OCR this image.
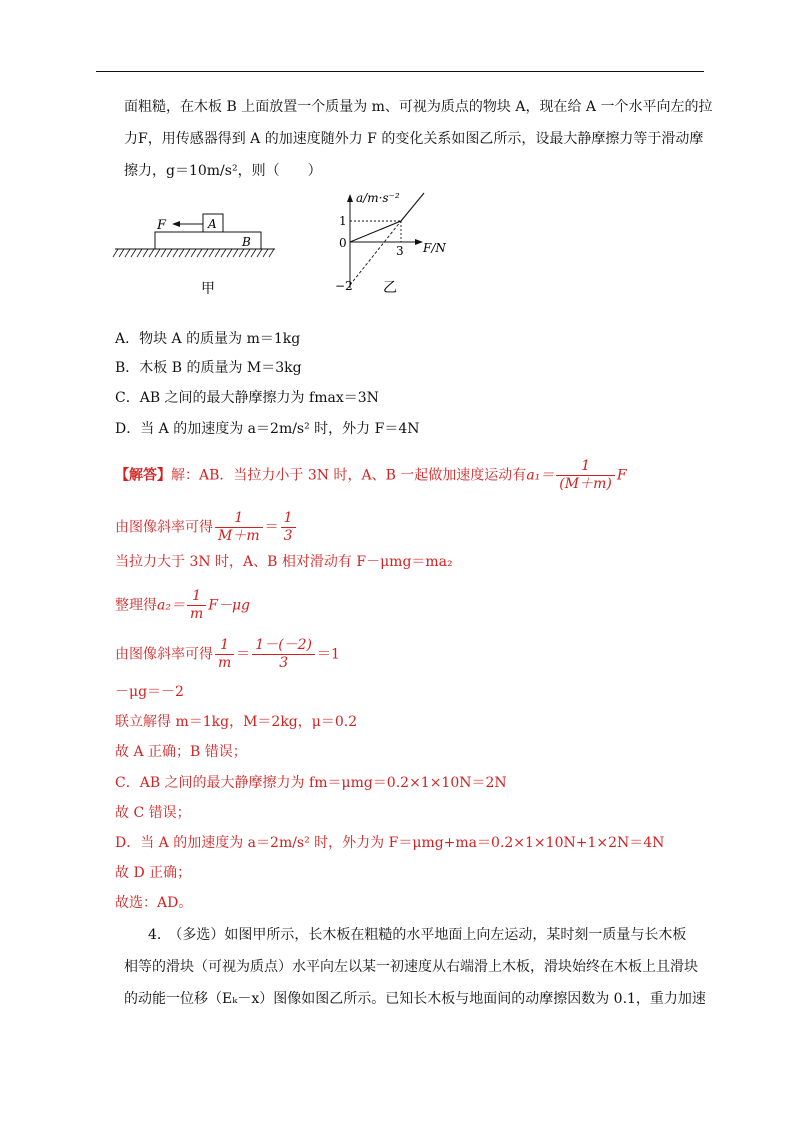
面粗糙，在木板 B 上面放置一个质量为 m、可视为质点的物块 A，现在给 A 一个水平向左的拉
力F，用传感器得到 A 的加速度随外力 F 的变化关系如图乙所示，设最大静摩擦力等于滑动摩
擦力，g＝10m/s²，则（　　）
A
B
F
甲
a/m·s⁻²
F/N
1
0
3
−2 乙
A．物块 A 的质量为 m＝1kg
B．木板 B 的质量为 M＝3kg
C．AB 之间的最大静摩擦力为 fmax＝3N
D．当 A 的加速度为 a＝2m/s² 时，外力 F＝4N
【解答】解：AB．当拉力小于 3N 时，A、B 一起做加速度运动有$a_1= \frac{1}{(M+m)}$ F
由图像斜率可得 $\frac{1}{M+m} = \frac{1}{3}$
当拉力大于 3N 时，A、B 相对滑动有 F－μmg＝ma₂
整理得$a_2= \frac{1}{m} F-\mu g$
由图像斜率可得 $\frac{1}{m} = \frac{1-(-2)}{3} =1$
－μg＝－2
联立解得 m＝1kg，M＝2kg，μ＝0.2
故 A 正确；B 错误；
C．AB 之间的最大静摩擦力为 fm＝μmg＝0.2×1×10N＝2N
故 C 错误；
D．当 A 的加速度为 a＝2m/s² 时，外力为 F＝μmg+ma＝0.2×1×10N+1×2N＝4N
故 D 正确；
故选：AD。
4.　（多选）如图甲所示，长木板在粗糙的水平地面上向左运动，某时刻一质量与长木板
相等的滑块（可视为质点）水平向左以某一初速度从右端滑上木板，滑块始终在木板上且滑块
的动能一位移（Eₖ－x）图像如图乙所示。已知长木板与地面间的动摩擦因数为 0.1，重力加速
